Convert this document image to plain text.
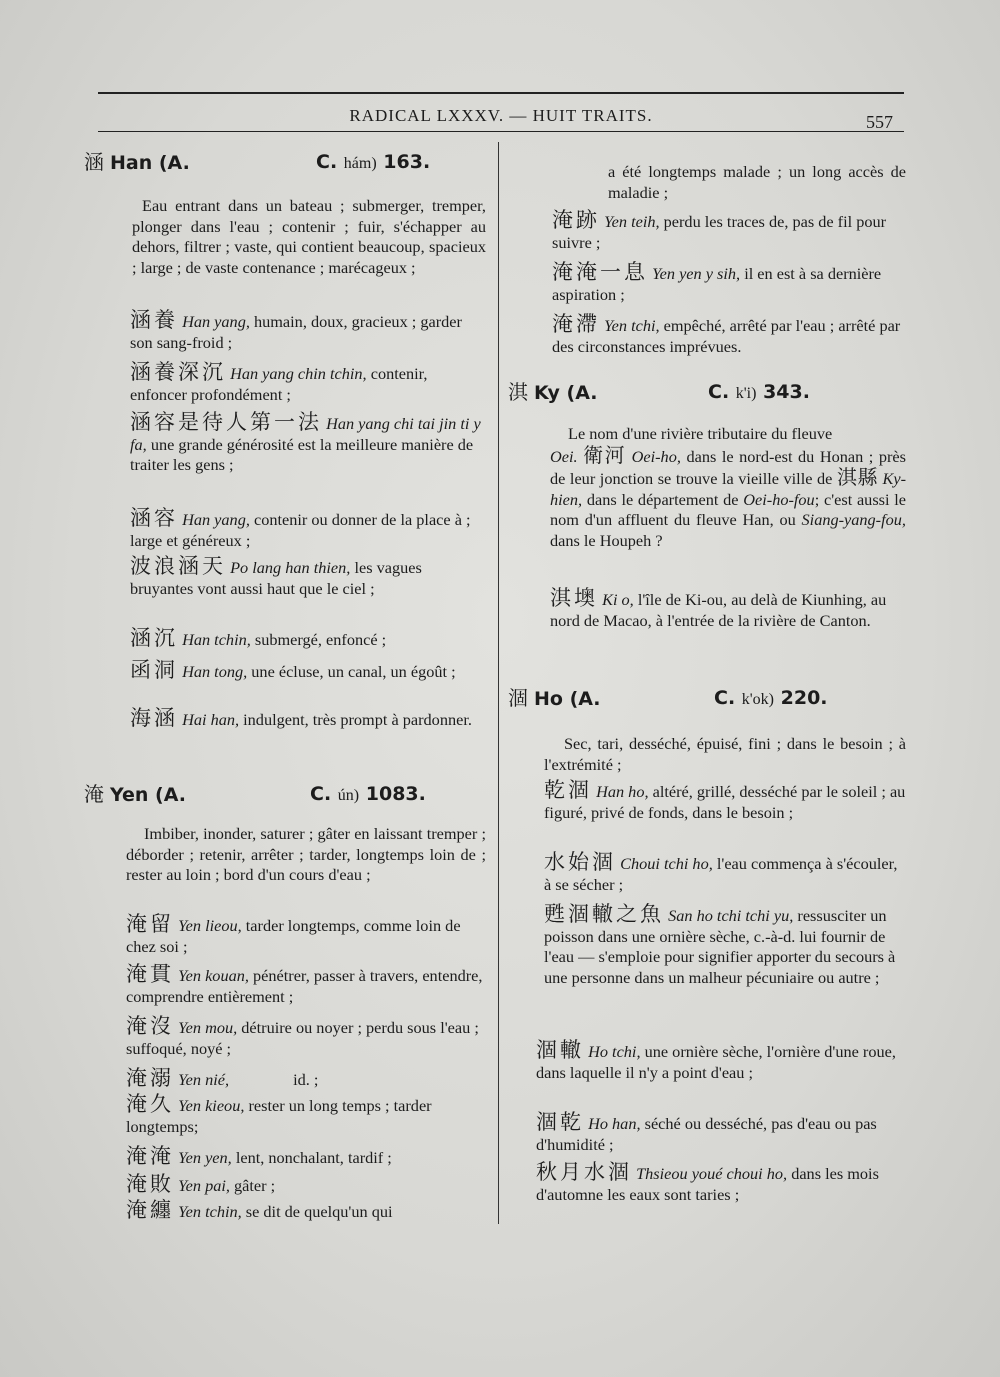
RADICAL LXXXV. — HUIT TRAITS.	557
涵 Han (A.	C. hám) 163.
Eau entrant dans un bateau ; submerger, tremper, plonger dans l'eau ; contenir ; fuir, s'échapper au dehors, filtrer ; vaste, qui contient beaucoup, spacieux ; large ; de vaste contenance ; marécageux ;
涵養 Han yang, humain, doux, gracieux ; garder son sang-froid ;
涵養深沉 Han yang chin tchin, contenir, enfoncer profondément ;
涵容是待人第一法 Han yang chi tai jin ti y fa, une grande générosité est la meilleure manière de traiter les gens ;
涵容 Han yang, contenir ou donner de la place à ; large et généreux ;
波浪涵天 Po lang han thien, les vagues bruyantes vont aussi haut que le ciel ;
涵沉 Han tchin, submergé, enfoncé ;
函洞 Han tong, une écluse, un canal, un égoût ;
海涵 Hai han, indulgent, très prompt à pardonner.
淹 Yen (A.	C. ún) 1083.
Imbiber, inonder, saturer ; gâter en laissant tremper ; déborder ; retenir, arrêter ; tarder, longtemps loin de ; rester au loin ; bord d'un cours d'eau ;
淹留 Yen lieou, tarder longtemps, comme loin de chez soi ;
淹貫 Yen kouan, pénétrer, passer à travers, entendre, comprendre entièrement ;
淹沒 Yen mou, détruire ou noyer ; perdu sous l'eau ; suffoqué, noyé ;
淹溺 Yen nié,	id. ;
淹久 Yen kieou, rester un long temps ; tarder longtemps;
淹淹 Yen yen, lent, nonchalant, tardif ;
淹敗 Yen pai, gâter ;
淹纏 Yen tchin, se dit de quelqu'un qui
a été longtemps malade ; un long accès de maladie ;
淹跡 Yen teih, perdu les traces de, pas de fil pour suivre ;
淹淹一息 Yen yen y sih, il en est à sa dernière aspiration ;
淹滯 Yen tchi, empêché, arrêté par l'eau ; arrêté par des circonstances imprévues.
淇 Ky (A.	C. k'i) 343.
Le nom d'une rivière tributaire du fleuve
Oei. 衛河 Oei-ho, dans le nord-est du Honan ; près de leur jonction se trouve la vieille ville de 淇縣 Ky-hien, dans le département de Oei-ho-fou; c'est aussi le nom d'un affluent du fleuve Han, ou Siang-yang-fou, dans le Houpeh ?
淇墺 Ki o, l'île de Ki-ou, au delà de Kiunhing, au nord de Macao, à l'entrée de la rivière de Canton.
涸 Ho (A.	C. k'ok) 220.
Sec, tari, desséché, épuisé, fini ; dans le besoin ; à l'extrémité ;
乾涸 Han ho, altéré, grillé, desséché par le soleil ; au figuré, privé de fonds, dans le besoin ;
水始涸 Choui tchi ho, l'eau commença à s'écouler, à se sécher ;
甦涸轍之魚 San ho tchi tchi yu, ressusciter un poisson dans une ornière sèche, c.-à-d. lui fournir de l'eau — s'emploie pour signifier apporter du secours à une personne dans un malheur pécuniaire ou autre ;
涸轍 Ho tchi, une ornière sèche, l'ornière d'une roue, dans laquelle il n'y a point d'eau ;
涸乾 Ho han, séché ou desséché, pas d'eau ou pas d'humidité ;
秋月水涸 Thsieou youé choui ho, dans les mois d'automne les eaux sont taries ;
